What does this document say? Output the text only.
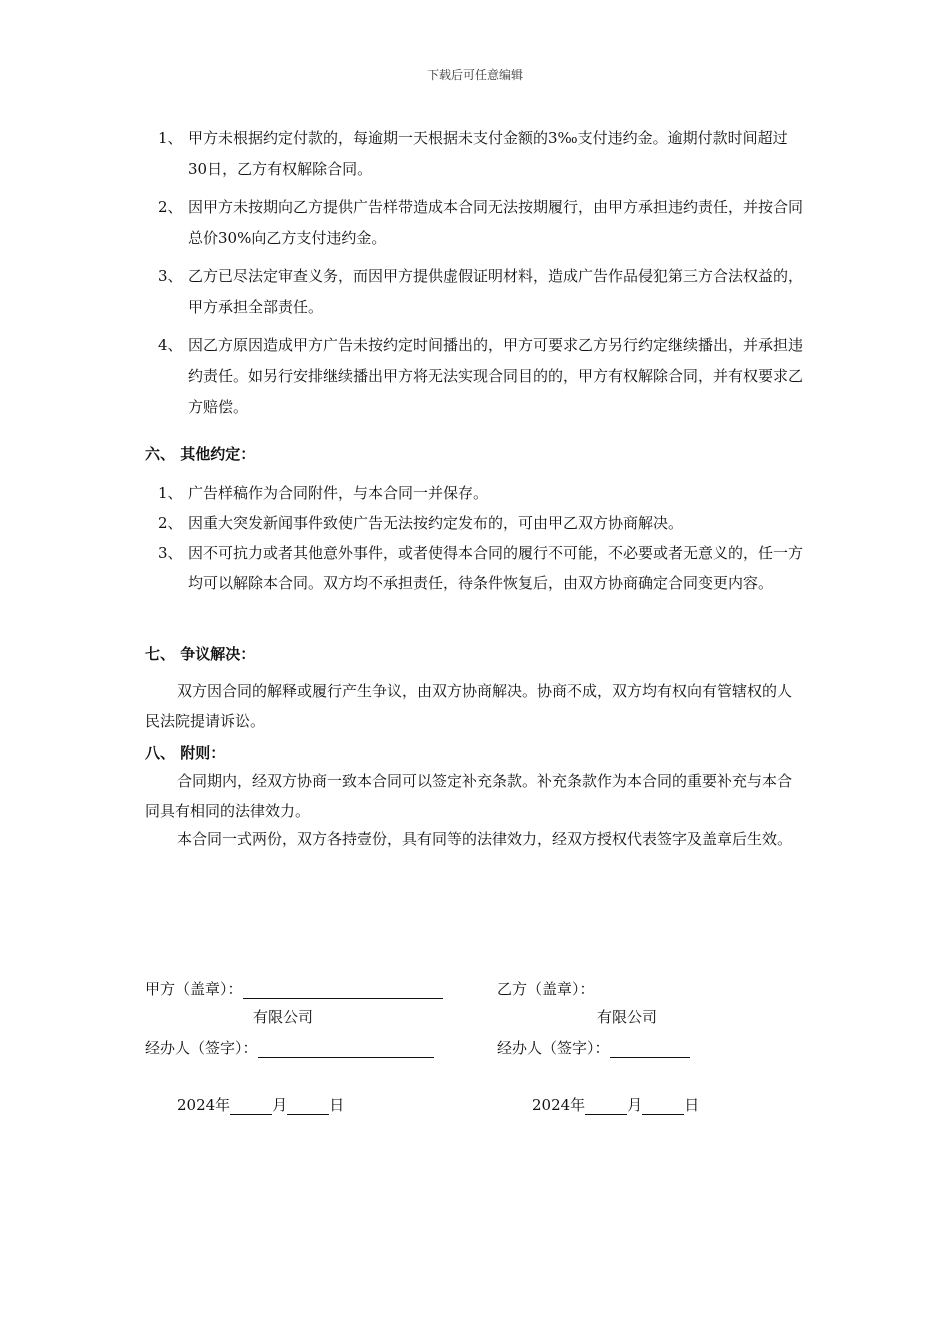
下载后可任意编辑
1、 甲方未根据约定付款的，每逾期一天根据未支付金额的3‰支付违约金。逾期付款时间超过30日，乙方有权解除合同。
2、 因甲方未按期向乙方提供广告样带造成本合同无法按期履行，由甲方承担违约责任，并按合同总价30%向乙方支付违约金。
3、 乙方已尽法定审查义务，而因甲方提供虚假证明材料，造成广告作品侵犯第三方合法权益的，甲方承担全部责任。
4、 因乙方原因造成甲方广告未按约定时间播出的，甲方可要求乙方另行约定继续播出，并承担违约责任。如另行安排继续播出甲方将无法实现合同目的的，甲方有权解除合同，并有权要求乙方赔偿。
六、 其他约定：
1、 广告样稿作为合同附件，与本合同一并保存。
2、 因重大突发新闻事件致使广告无法按约定发布的，可由甲乙双方协商解决。
3、 因不可抗力或者其他意外事件，或者使得本合同的履行不可能，不必要或者无意义的，任一方均可以解除本合同。双方均不承担责任，待条件恢复后，由双方协商确定合同变更内容。
七、 争议解决：
双方因合同的解释或履行产生争议，由双方协商解决。协商不成，双方均有权向有管辖权的人民法院提请诉讼。
八、 附则：
合同期内，经双方协商一致本合同可以签定补充条款。补充条款作为本合同的重要补充与本合同具有相同的法律效力。
本合同一式两份，双方各持壹份，具有同等的法律效力，经双方授权代表签字及盖章后生效。
甲方（盖章）：
有限公司
经办人（签字）：
2024年	月	日
乙方（盖章）：
有限公司
经办人（签字）：
2024年	月	日
